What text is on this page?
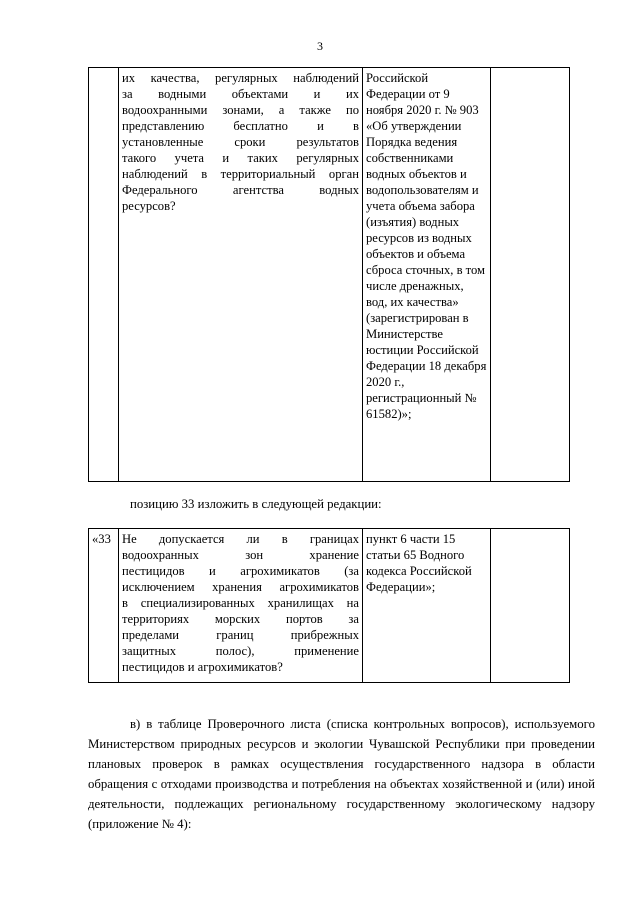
3

их качества, регулярных наблюдений
за водными объектами и их
водоохранными зонами, а также по
представлению бесплатно и в
установленные сроки результатов
такого учета и таких регулярных
наблюдений в территориальный орган
Федерального агентства водных
ресурсов?
	Российской Федерации от 9 ноября 2020 г. № 903 «Об утверждении Порядка ведения собственниками водных объектов и водопользователям и учета объема забора (изъятия) водных ресурсов из водных объектов и объема сброса сточных, в том числе дренажных, вод, их качества» (зарегистрирован в Министерстве юстиции Российской Федерации 18 декабря 2020 г., регистрационный № 61582)»;	
позицию 33 изложить в следующей редакции:
«33	Не допускается ли в границах
водоохранных зон хранение
пестицидов и агрохимикатов (за
исключением хранения агрохимикатов
в специализированных хранилищах на
территориях морских портов за
пределами границ прибрежных
защитных полос), применение
пестицидов и агрохимикатов?
	пункт 6 части 15 статьи 65 Водного кодекса Российской Федерации»;	
в) в таблице Проверочного листа (списка контрольных вопросов), используемого Министерством природных ресурсов и экологии Чувашской Республики при проведении плановых проверок в рамках осуществления государственного надзора в области обращения с отходами производства и потребления на объектах хозяйственной и (или) иной деятельности, подлежащих региональному государственному экологическому надзору (приложение № 4):
